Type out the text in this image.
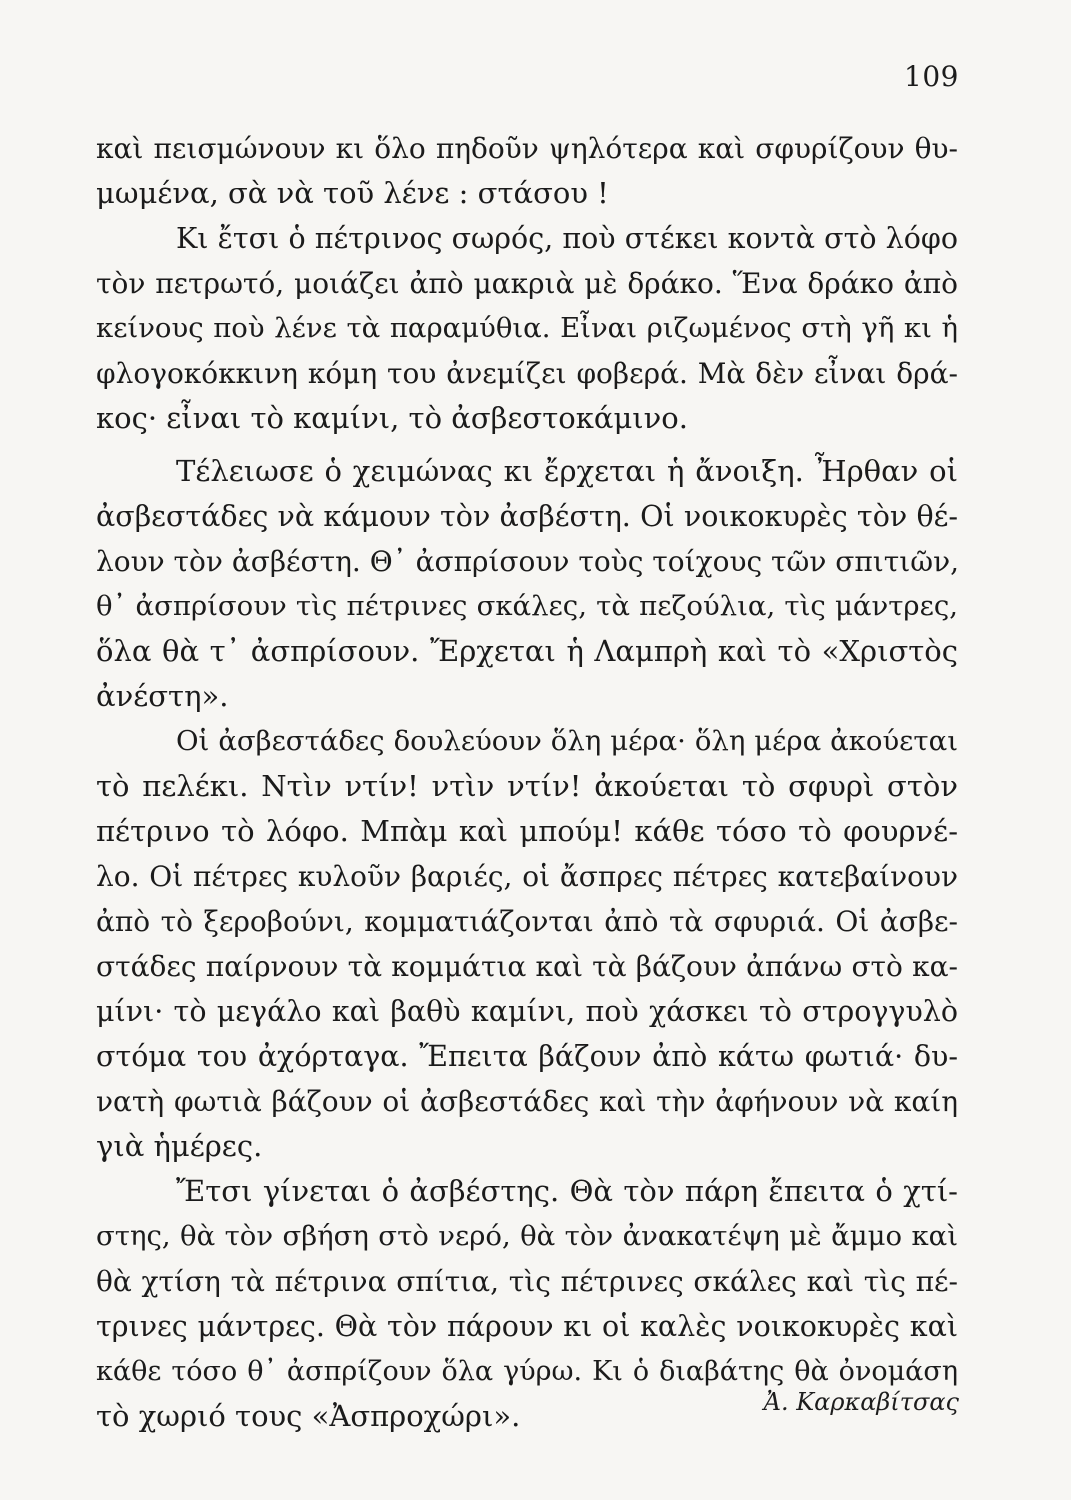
109
καὶ πεισμώνουν κι ὅλο πηδοῦν ψηλότερα καὶ σφυρίζουν θυ-
μωμένα, σὰ νὰ τοῦ λένε : στάσου !
Κι ἔτσι ὁ πέτρινος σωρός, ποὺ στέκει κοντὰ στὸ λόφο
τὸν πετρωτό, μοιάζει ἀπὸ μακριὰ μὲ δράκο. Ἕνα δράκο ἀπὸ
κείνους ποὺ λένε τὰ παραμύθια. Εἶναι ριζωμένος στὴ γῆ κι ἡ
φλογοκόκκινη κόμη του ἀνεμίζει φοβερά. Μὰ δὲν εἶναι δρά-
κος· εἶναι τὸ καμίνι, τὸ ἀσβεστοκάμινο.
Τέλειωσε ὁ χειμώνας κι ἔρχεται ἡ ἄνοιξη. Ἦρθαν οἱ
ἀσβεστάδες νὰ κάμουν τὸν ἀσβέστη. Οἱ νοικοκυρὲς τὸν θέ-
λουν τὸν ἀσβέστη. Θ᾿ ἀσπρίσουν τοὺς τοίχους τῶν σπιτιῶν,
θ᾿ ἀσπρίσουν τὶς πέτρινες σκάλες, τὰ πεζούλια, τὶς μάντρες,
ὅλα θὰ τ᾿ ἀσπρίσουν. Ἔρχεται ἡ Λαμπρὴ καὶ τὸ «Χριστὸς
ἀνέστη».
Οἱ ἀσβεστάδες δουλεύουν ὅλη μέρα· ὅλη μέρα ἀκούεται
τὸ πελέκι. Ντὶν ντίν! ντὶν ντίν! ἀκούεται τὸ σφυρὶ στὸν
πέτρινο τὸ λόφο. Μπὰμ καὶ μπούμ! κάθε τόσο τὸ φουρνέ-
λο. Οἱ πέτρες κυλοῦν βαριές, οἱ ἄσπρες πέτρες κατεβαίνουν
ἀπὸ τὸ ξεροβούνι, κομματιάζονται ἀπὸ τὰ σφυριά. Οἱ ἀσβε-
στάδες παίρνουν τὰ κομμάτια καὶ τὰ βάζουν ἀπάνω στὸ κα-
μίνι· τὸ μεγάλο καὶ βαθὺ καμίνι, ποὺ χάσκει τὸ στρογγυλὸ
στόμα του ἀχόρταγα. Ἔπειτα βάζουν ἀπὸ κάτω φωτιά· δυ-
νατὴ φωτιὰ βάζουν οἱ ἀσβεστάδες καὶ τὴν ἀφήνουν νὰ καίη
γιὰ ἡμέρες.
Ἔτσι γίνεται ὁ ἀσβέστης. Θὰ τὸν πάρη ἔπειτα ὁ χτί-
στης, θὰ τὸν σβήση στὸ νερό, θὰ τὸν ἀνακατέψη μὲ ἄμμο καὶ
θὰ χτίση τὰ πέτρινα σπίτια, τὶς πέτρινες σκάλες καὶ τὶς πέ-
τρινες μάντρες. Θὰ τὸν πάρουν κι οἱ καλὲς νοικοκυρὲς καὶ
κάθε τόσο θ᾿ ἀσπρίζουν ὅλα γύρω. Κι ὁ διαβάτης θὰ ὀνομάση
τὸ χωριό τους «Ἀσπροχώρι».	Ἀ. Καρκαβίτσας
